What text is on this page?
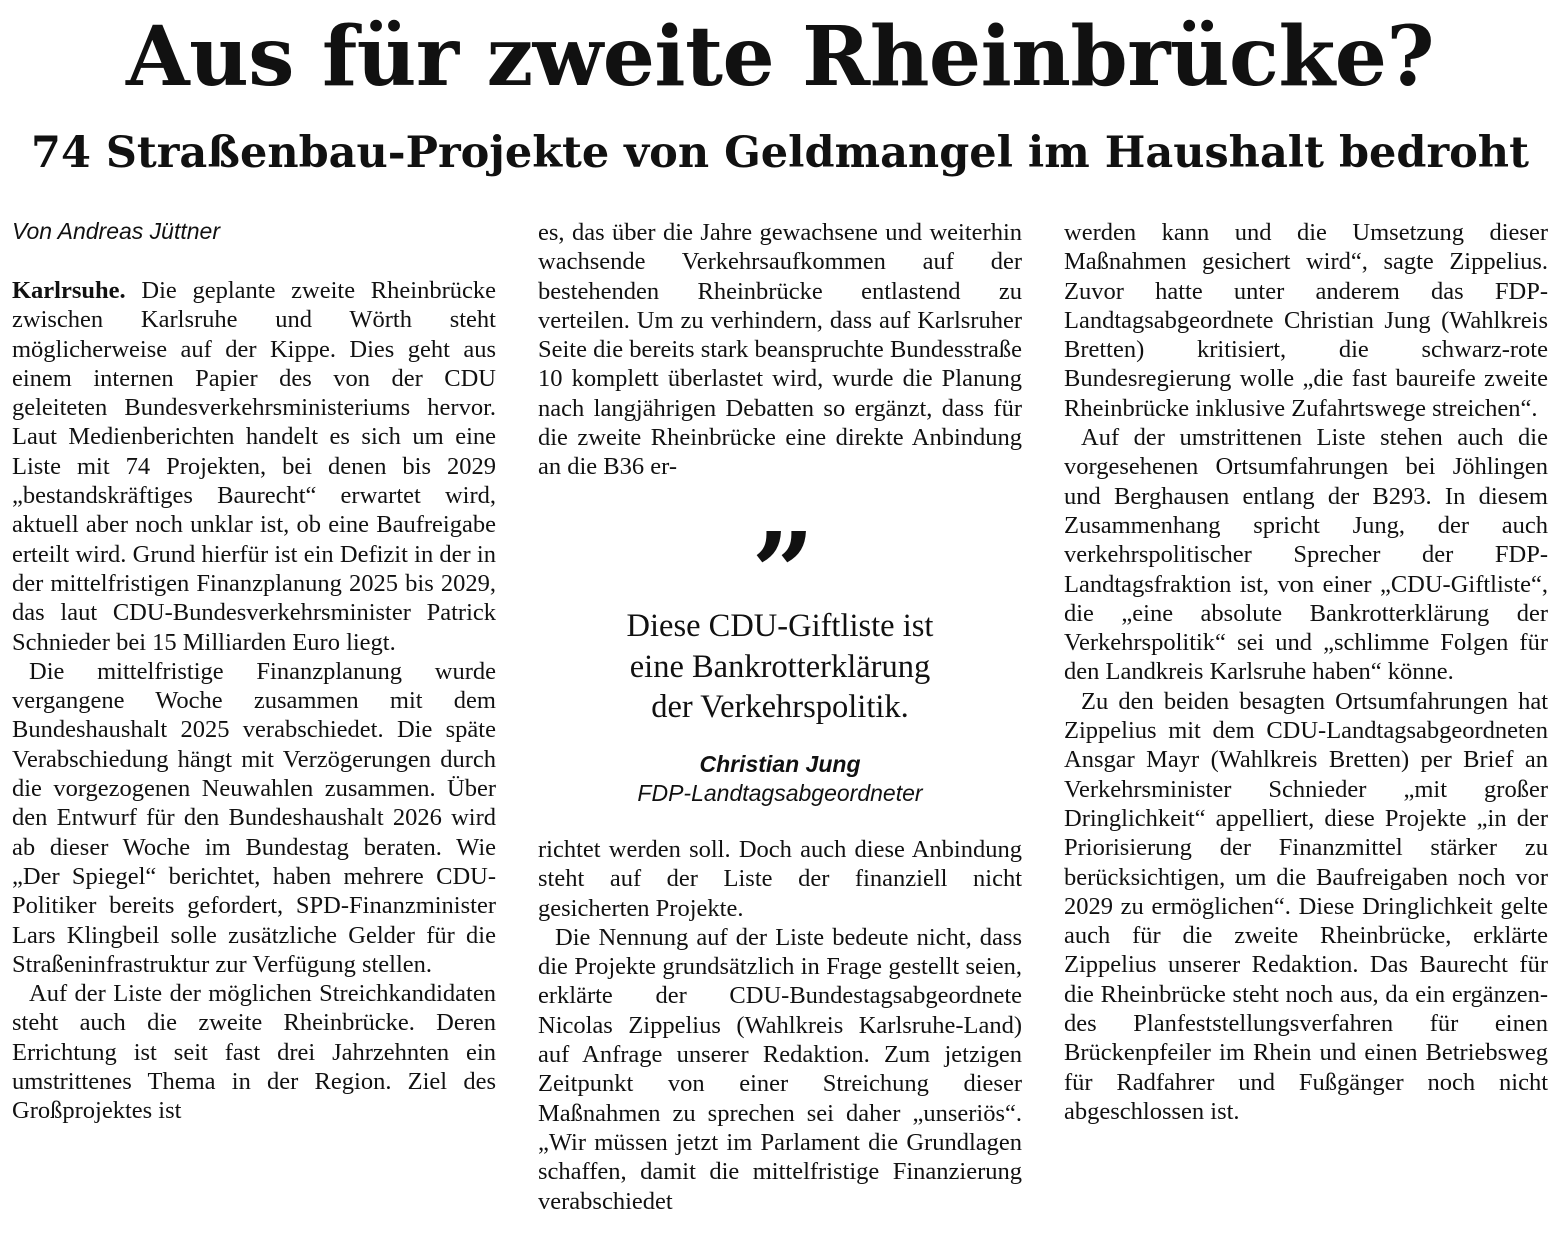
Aus für zweite Rheinbrücke?
74 Straßenbau-Projekte von Geldmangel im Haushalt bedroht
Von Andreas Jüttner

Karlrsuhe. Die geplante zweite Rheinbrücke zwischen Karlsruhe und Wörth steht möglicherweise auf der Kippe. Dies geht aus einem internen Papier des von der CDU geleiteten Bundesverkehrsministeriums hervor. Laut Medienberichten handelt es sich um eine Liste mit 74 Projekten, bei denen bis 2029 „bestandskräftiges Baurecht“ erwartet wird, aktuell aber noch unklar ist, ob eine Baufreigabe erteilt wird. Grund hierfür ist ein Defizit in der in der mittelfristigen Finanzplanung 2025 bis 2029, das laut CDU-Bundesverkehrsminister Patrick Schnieder bei 15 Milliarden Euro liegt.

Die mittelfristige Finanzplanung wurde vergangene Woche zusammen mit dem Bundeshaushalt 2025 verabschiedet. Die späte Verabschiedung hängt mit Verzögerungen durch die vorgezogenen Neuwahlen zusammen. Über den Entwurf für den Bundeshaushalt 2026 wird ab dieser Woche im Bundestag beraten. Wie „Der Spiegel“ berichtet, haben mehrere CDU-Politiker bereits gefordert, SPD-Finanzminister Lars Klingbeil solle zusätzliche Gelder für die Straßeninfrastruktur zur Verfügung stellen.

Auf der Liste der möglichen Streichkandidaten steht auch die zweite Rheinbrücke. Deren Errichtung ist seit fast drei Jahrzehnten ein umstrittenes Thema in der Region. Ziel des Großprojektes ist

es, das über die Jahre gewachsene und weiterhin wachsende Verkehrsaufkommen auf der bestehenden Rheinbrücke entlastend zu verteilen. Um zu verhindern, dass auf Karlsruher Seite die bereits stark beanspruchte Bundesstraße 10 komplett überlastet wird, wurde die Planung nach langjährigen Debatten so ergänzt, dass für die zweite Rheinbrücke eine direkte Anbindung an die B36 er-

”
Diese CDU-Giftliste ist
eine Bankrotterklärung
der Verkehrspolitik.
Christian Jung
FDP-Landtagsabgeordneter

richtet werden soll. Doch auch diese Anbindung steht auf der Liste der finanziell nicht gesicherten Projekte.

Die Nennung auf der Liste bedeute nicht, dass die Projekte grundsätzlich in Frage gestellt seien, erklärte der CDU-Bundestagsabgeordnete Nicolas Zippelius (Wahlkreis Karlsruhe-Land) auf Anfrage unserer Redaktion. Zum jetzigen Zeitpunkt von einer Streichung dieser Maßnahmen zu sprechen sei daher „unseriös“. „Wir müssen jetzt im Parlament die Grundlagen schaffen, damit die mittelfristige Finanzierung verabschiedet

werden kann und die Umsetzung dieser Maßnahmen gesichert wird“, sagte Zippelius. Zuvor hatte unter anderem das FDP-Landtagsabgeordnete Christian Jung (Wahlkreis Bretten) kritisiert, die schwarz-rote Bundesregierung wolle „die fast baureife zweite Rheinbrücke inklusive Zufahrtswege streichen“.

Auf der umstrittenen Liste stehen auch die vorgesehenen Ortsumfahrungen bei Jöhlingen und Berghausen entlang der B293. In diesem Zusammenhang spricht Jung, der auch verkehrspolitischer Sprecher der FDP-Landtagsfraktion ist, von einer „CDU-Giftliste“, die „eine absolute Bankrotterklärung der Verkehrspolitik“ sei und „schlimme Folgen für den Landkreis Karlsruhe haben“ könne.

Zu den beiden besagten Ortsumfahrungen hat Zippelius mit dem CDU-Landtagsabgeordneten Ansgar Mayr (Wahlkreis Bretten) per Brief an Verkehrsminister Schnieder „mit großer Dringlichkeit“ appelliert, diese Projekte „in der Priorisierung der Finanzmittel stärker zu berücksichtigen, um die Baufreigaben noch vor 2029 zu ermöglichen“. Diese Dringlichkeit gelte auch für die zweite Rheinbrücke, erklärte Zippelius unserer Redaktion. Das Baurecht für die Rheinbrücke steht noch aus, da ein ergänzendes Planfeststellungsverfahren für einen Brückenpfeiler im Rhein und einen Betriebsweg für Radfahrer und Fußgänger noch nicht abgeschlossen ist.
